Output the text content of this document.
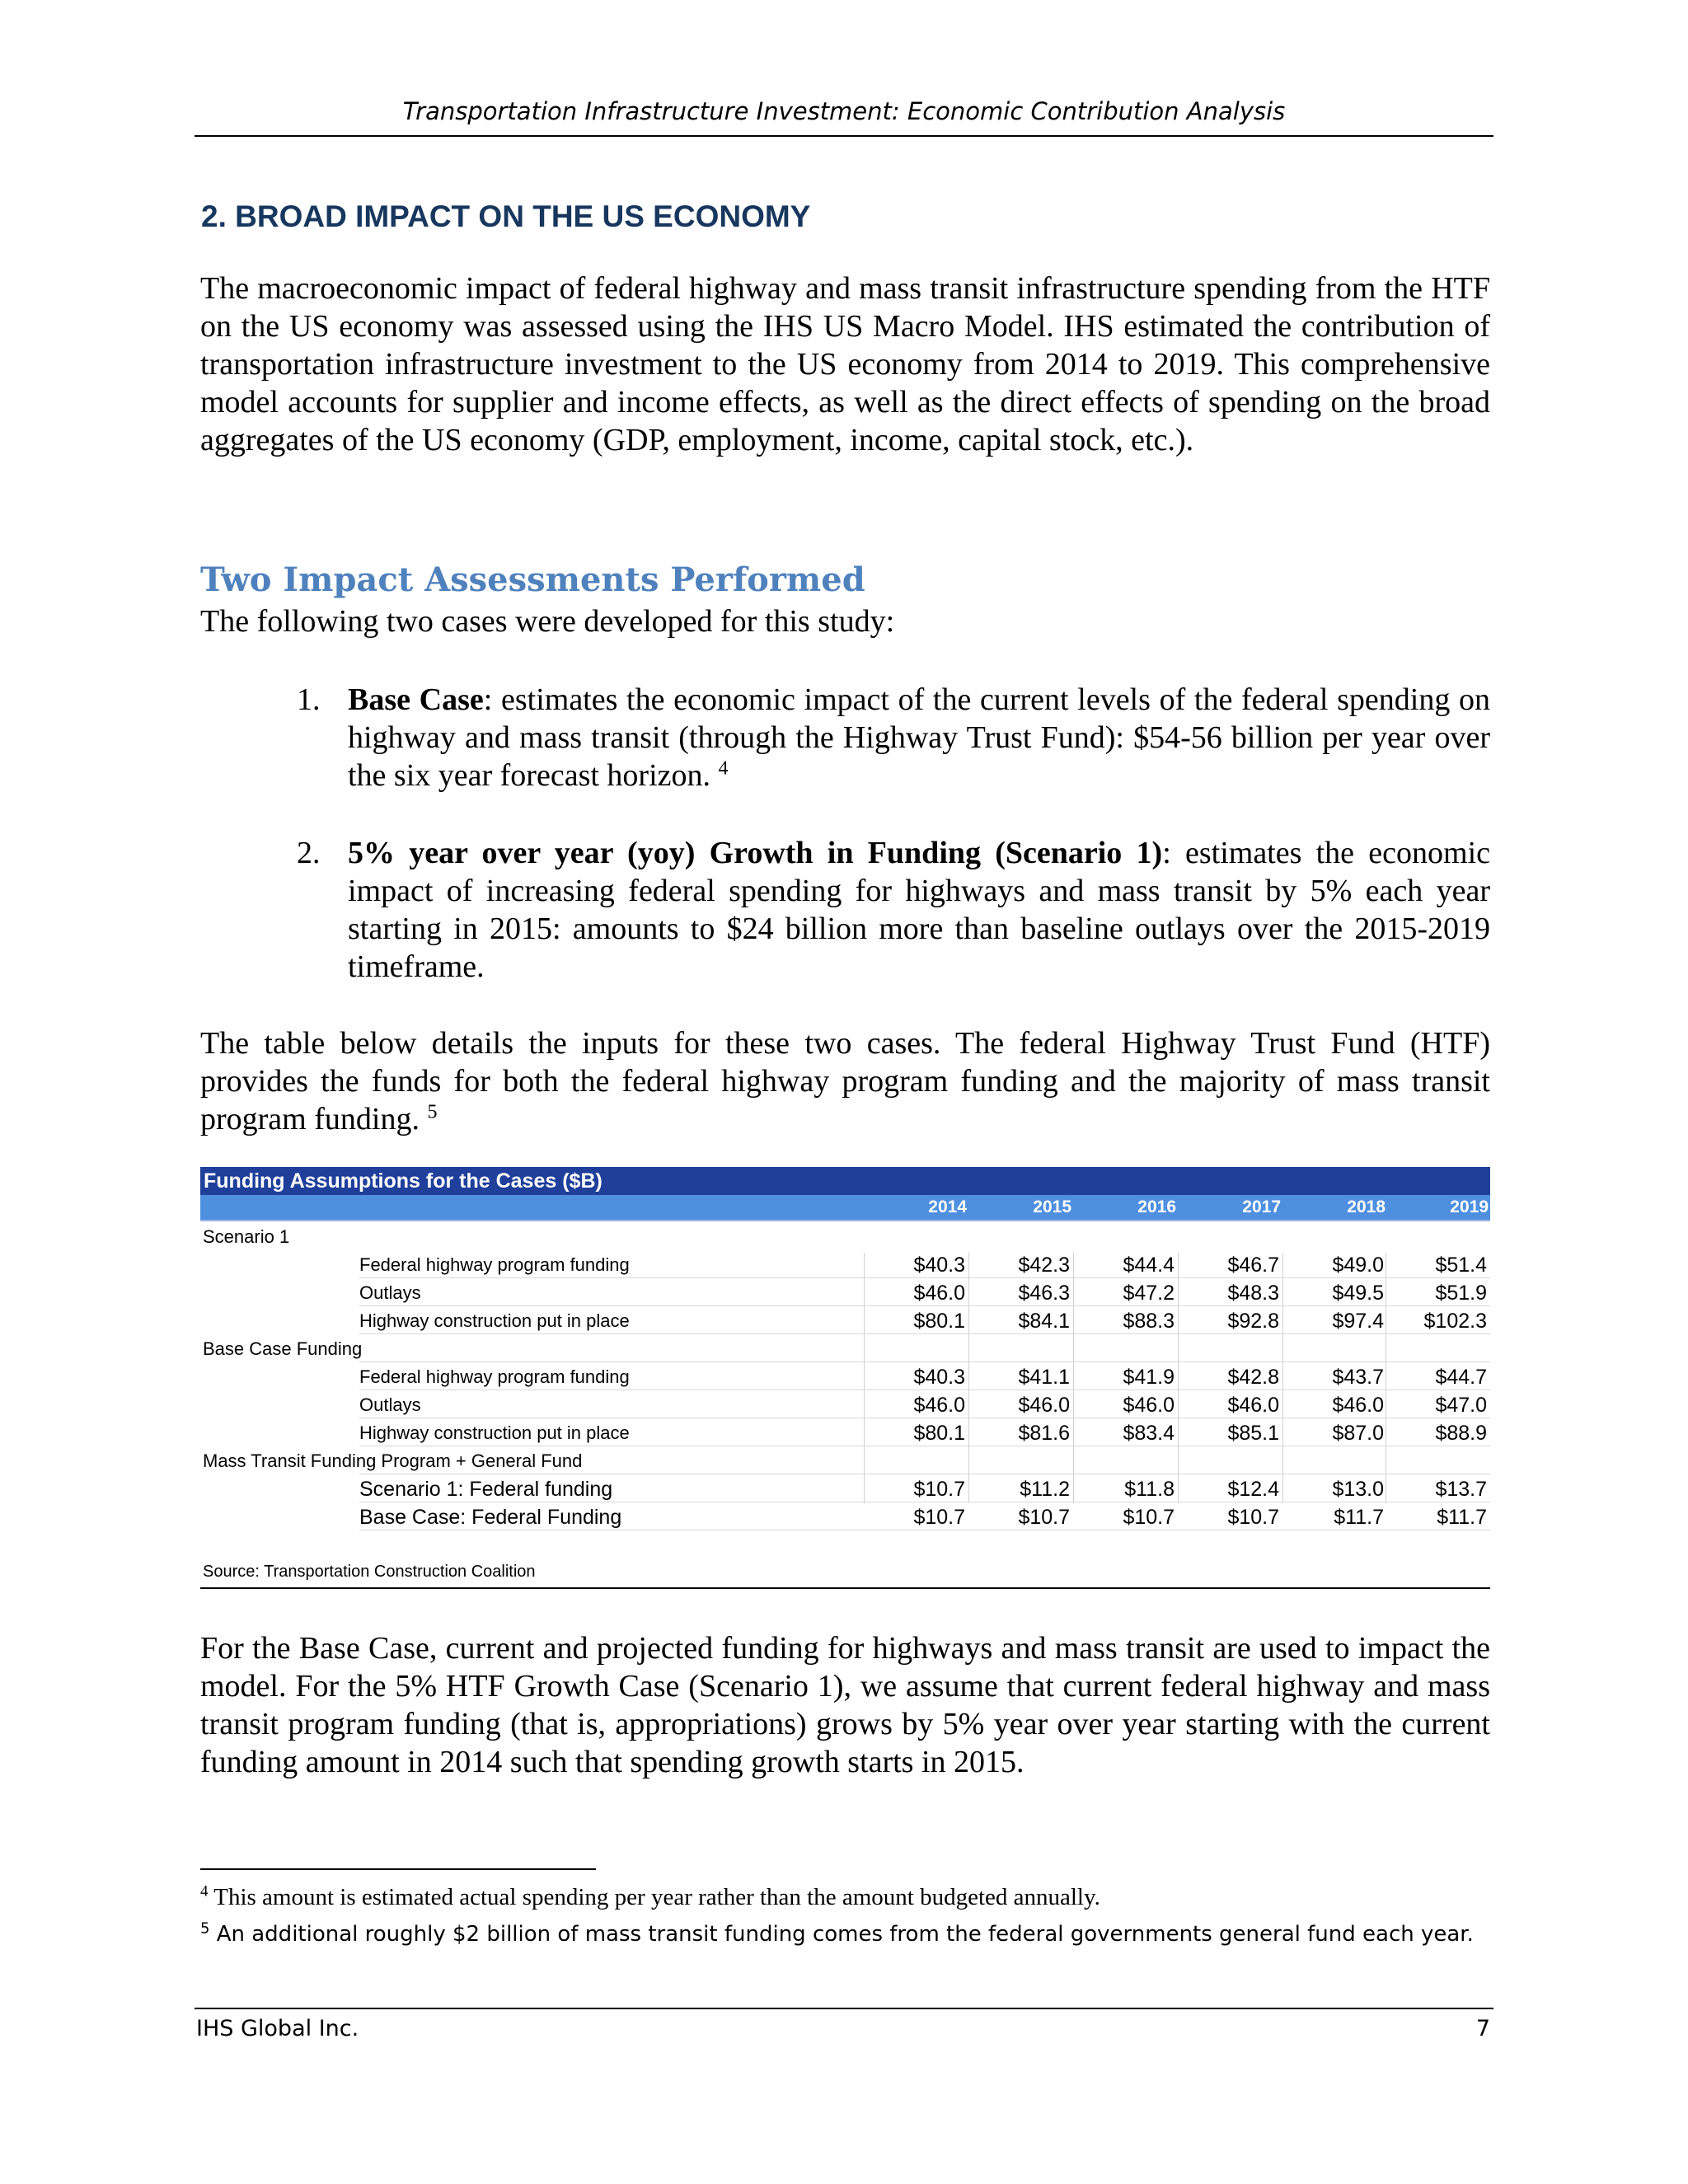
Transportation Infrastructure Investment: Economic Contribution Analysis
2. BROAD IMPACT ON THE US ECONOMY
The macroeconomic impact of federal highway and mass transit infrastructure spending from the HTF on the US economy was assessed using the IHS US Macro Model. IHS estimated the contribution of transportation infrastructure investment to the US economy from 2014 to 2019. This comprehensive model accounts for supplier and income effects, as well as the direct effects of spending on the broad aggregates of the US economy (GDP, employment, income, capital stock, etc.).
Two Impact Assessments Performed
The following two cases were developed for this study:
1. Base Case: estimates the economic impact of the current levels of the federal spending on highway and mass transit (through the Highway Trust Fund): $54-56 billion per year over the six year forecast horizon. $^4$
2. 5% year over year (yoy) Growth in Funding (Scenario 1): estimates the economic impact of increasing federal spending for highways and mass transit by 5% each year starting in 2015: amounts to $24 billion more than baseline outlays over the 2015-2019 timeframe.
The table below details the inputs for these two cases. The federal Highway Trust Fund (HTF) provides the funds for both the federal highway program funding and the majority of mass transit program funding. $^5$
Funding Assumptions for the Cases ($B)
Source: Transportation Construction Coalition
2014	2015	2016	2017	2018	2019
Scenario 1
Federal highway program funding	$40.3	$42.3	$44.4	$46.7	$49.0	$51.4
Outlays	$46.0	$46.3	$47.2	$48.3	$49.5	$51.9
Highway construction put in place	$80.1	$84.1	$88.3	$92.8	$97.4	$102.3
Base Case Funding
Federal highway program funding	$40.3	$41.1	$41.9	$42.8	$43.7	$44.7
Outlays	$46.0	$46.0	$46.0	$46.0	$46.0	$47.0
Highway construction put in place	$80.1	$81.6	$83.4	$85.1	$87.0	$88.9
Mass Transit Funding Program + General Fund
Scenario 1: Federal funding	$10.7	$11.2	$11.8	$12.4	$13.0	$13.7
Base Case: Federal Funding	$10.7	$10.7	$10.7	$10.7	$11.7	$11.7
For the Base Case, current and projected funding for highways and mass transit are used to impact the model. For the 5% HTF Growth Case (Scenario 1), we assume that current federal highway and mass transit program funding (that is, appropriations) grows by 5% year over year starting with the current funding amount in 2014 such that spending growth starts in 2015.
$^4$ This amount is estimated actual spending per year rather than the amount budgeted annually.
$^5$ An additional roughly $2 billion of mass transit funding comes from the federal governments general fund each year.
IHS Global Inc.	7
